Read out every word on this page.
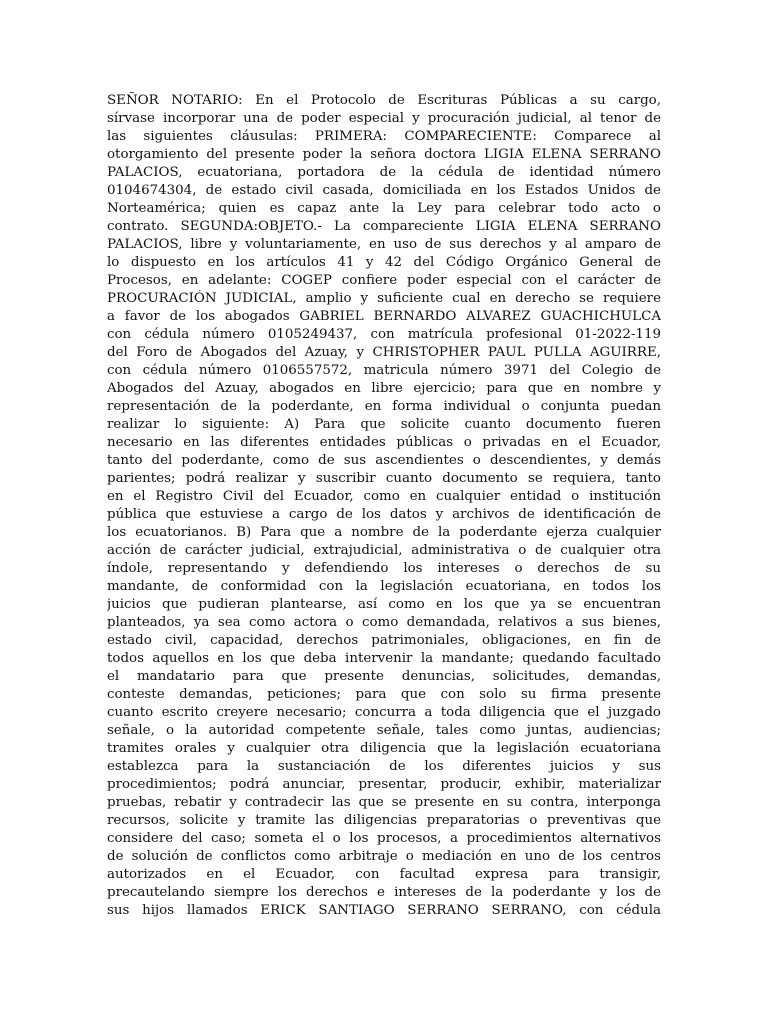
SEÑOR NOTARIO: En el Protocolo de Escrituras Públicas a su cargo,
sírvase incorporar una de poder especial y procuración judicial, al tenor de
las siguientes cláusulas: PRIMERA: COMPARECIENTE: Comparece al
otorgamiento del presente poder la señora doctora LIGIA ELENA SERRANO
PALACIOS, ecuatoriana, portadora de la cédula de identidad número
0104674304, de estado civil casada, domiciliada en los Estados Unidos de
Norteamérica; quien es capaz ante la Ley para celebrar todo acto o
contrato. SEGUNDA:OBJETO.- La compareciente LIGIA ELENA SERRANO
PALACIOS, libre y voluntariamente, en uso de sus derechos y al amparo de
lo dispuesto en los artículos 41 y 42 del Código Orgánico General de
Procesos, en adelante: COGEP confiere poder especial con el carácter de
PROCURACIÓN JUDICIAL, amplio y suficiente cual en derecho se requiere
a favor de los abogados GABRIEL BERNARDO ALVAREZ GUACHICHULCA
con cédula número 0105249437, con matrícula profesional 01-2022-119
del Foro de Abogados del Azuay, y CHRISTOPHER PAUL PULLA AGUIRRE,
con cédula número 0106557572, matricula número 3971 del Colegio de
Abogados del Azuay, abogados en libre ejercicio; para que en nombre y
representación de la poderdante, en forma individual o conjunta puedan
realizar lo siguiente: A) Para que solicite cuanto documento fueren
necesario en las diferentes entidades públicas o privadas en el Ecuador,
tanto del poderdante, como de sus ascendientes o descendientes, y demás
parientes; podrá realizar y suscribir cuanto documento se requiera, tanto
en el Registro Civil del Ecuador, como en cualquier entidad o institución
pública que estuviese a cargo de los datos y archivos de identificación de
los ecuatorianos. B) Para que a nombre de la poderdante ejerza cualquier
acción de carácter judicial, extrajudicial, administrativa o de cualquier otra
índole, representando y defendiendo los intereses o derechos de su
mandante, de conformidad con la legislación ecuatoriana, en todos los
juicios que pudieran plantearse, así como en los que ya se encuentran
planteados, ya sea como actora o como demandada, relativos a sus bienes,
estado civil, capacidad, derechos patrimoniales, obligaciones, en fin de
todos aquellos en los que deba intervenir la mandante; quedando facultado
el mandatario para que presente denuncias, solicitudes, demandas,
conteste demandas, peticiones; para que con solo su firma presente
cuanto escrito creyere necesario; concurra a toda diligencia que el juzgado
señale, o la autoridad competente señale, tales como juntas, audiencias;
tramites orales y cualquier otra diligencia que la legislación ecuatoriana
establezca para la sustanciación de los diferentes juicios y sus
procedimientos; podrá anunciar, presentar, producir, exhibir, materializar
pruebas, rebatir y contradecir las que se presente en su contra, interponga
recursos, solicite y tramite las diligencias preparatorias o preventivas que
considere del caso; someta el o los procesos, a procedimientos alternativos
de solución de conflictos como arbitraje o mediación en uno de los centros
autorizados en el Ecuador, con facultad expresa para transigir,
precautelando siempre los derechos e intereses de la poderdante y los de
sus hijos llamados ERICK SANTIAGO SERRANO SERRANO, con cédula
